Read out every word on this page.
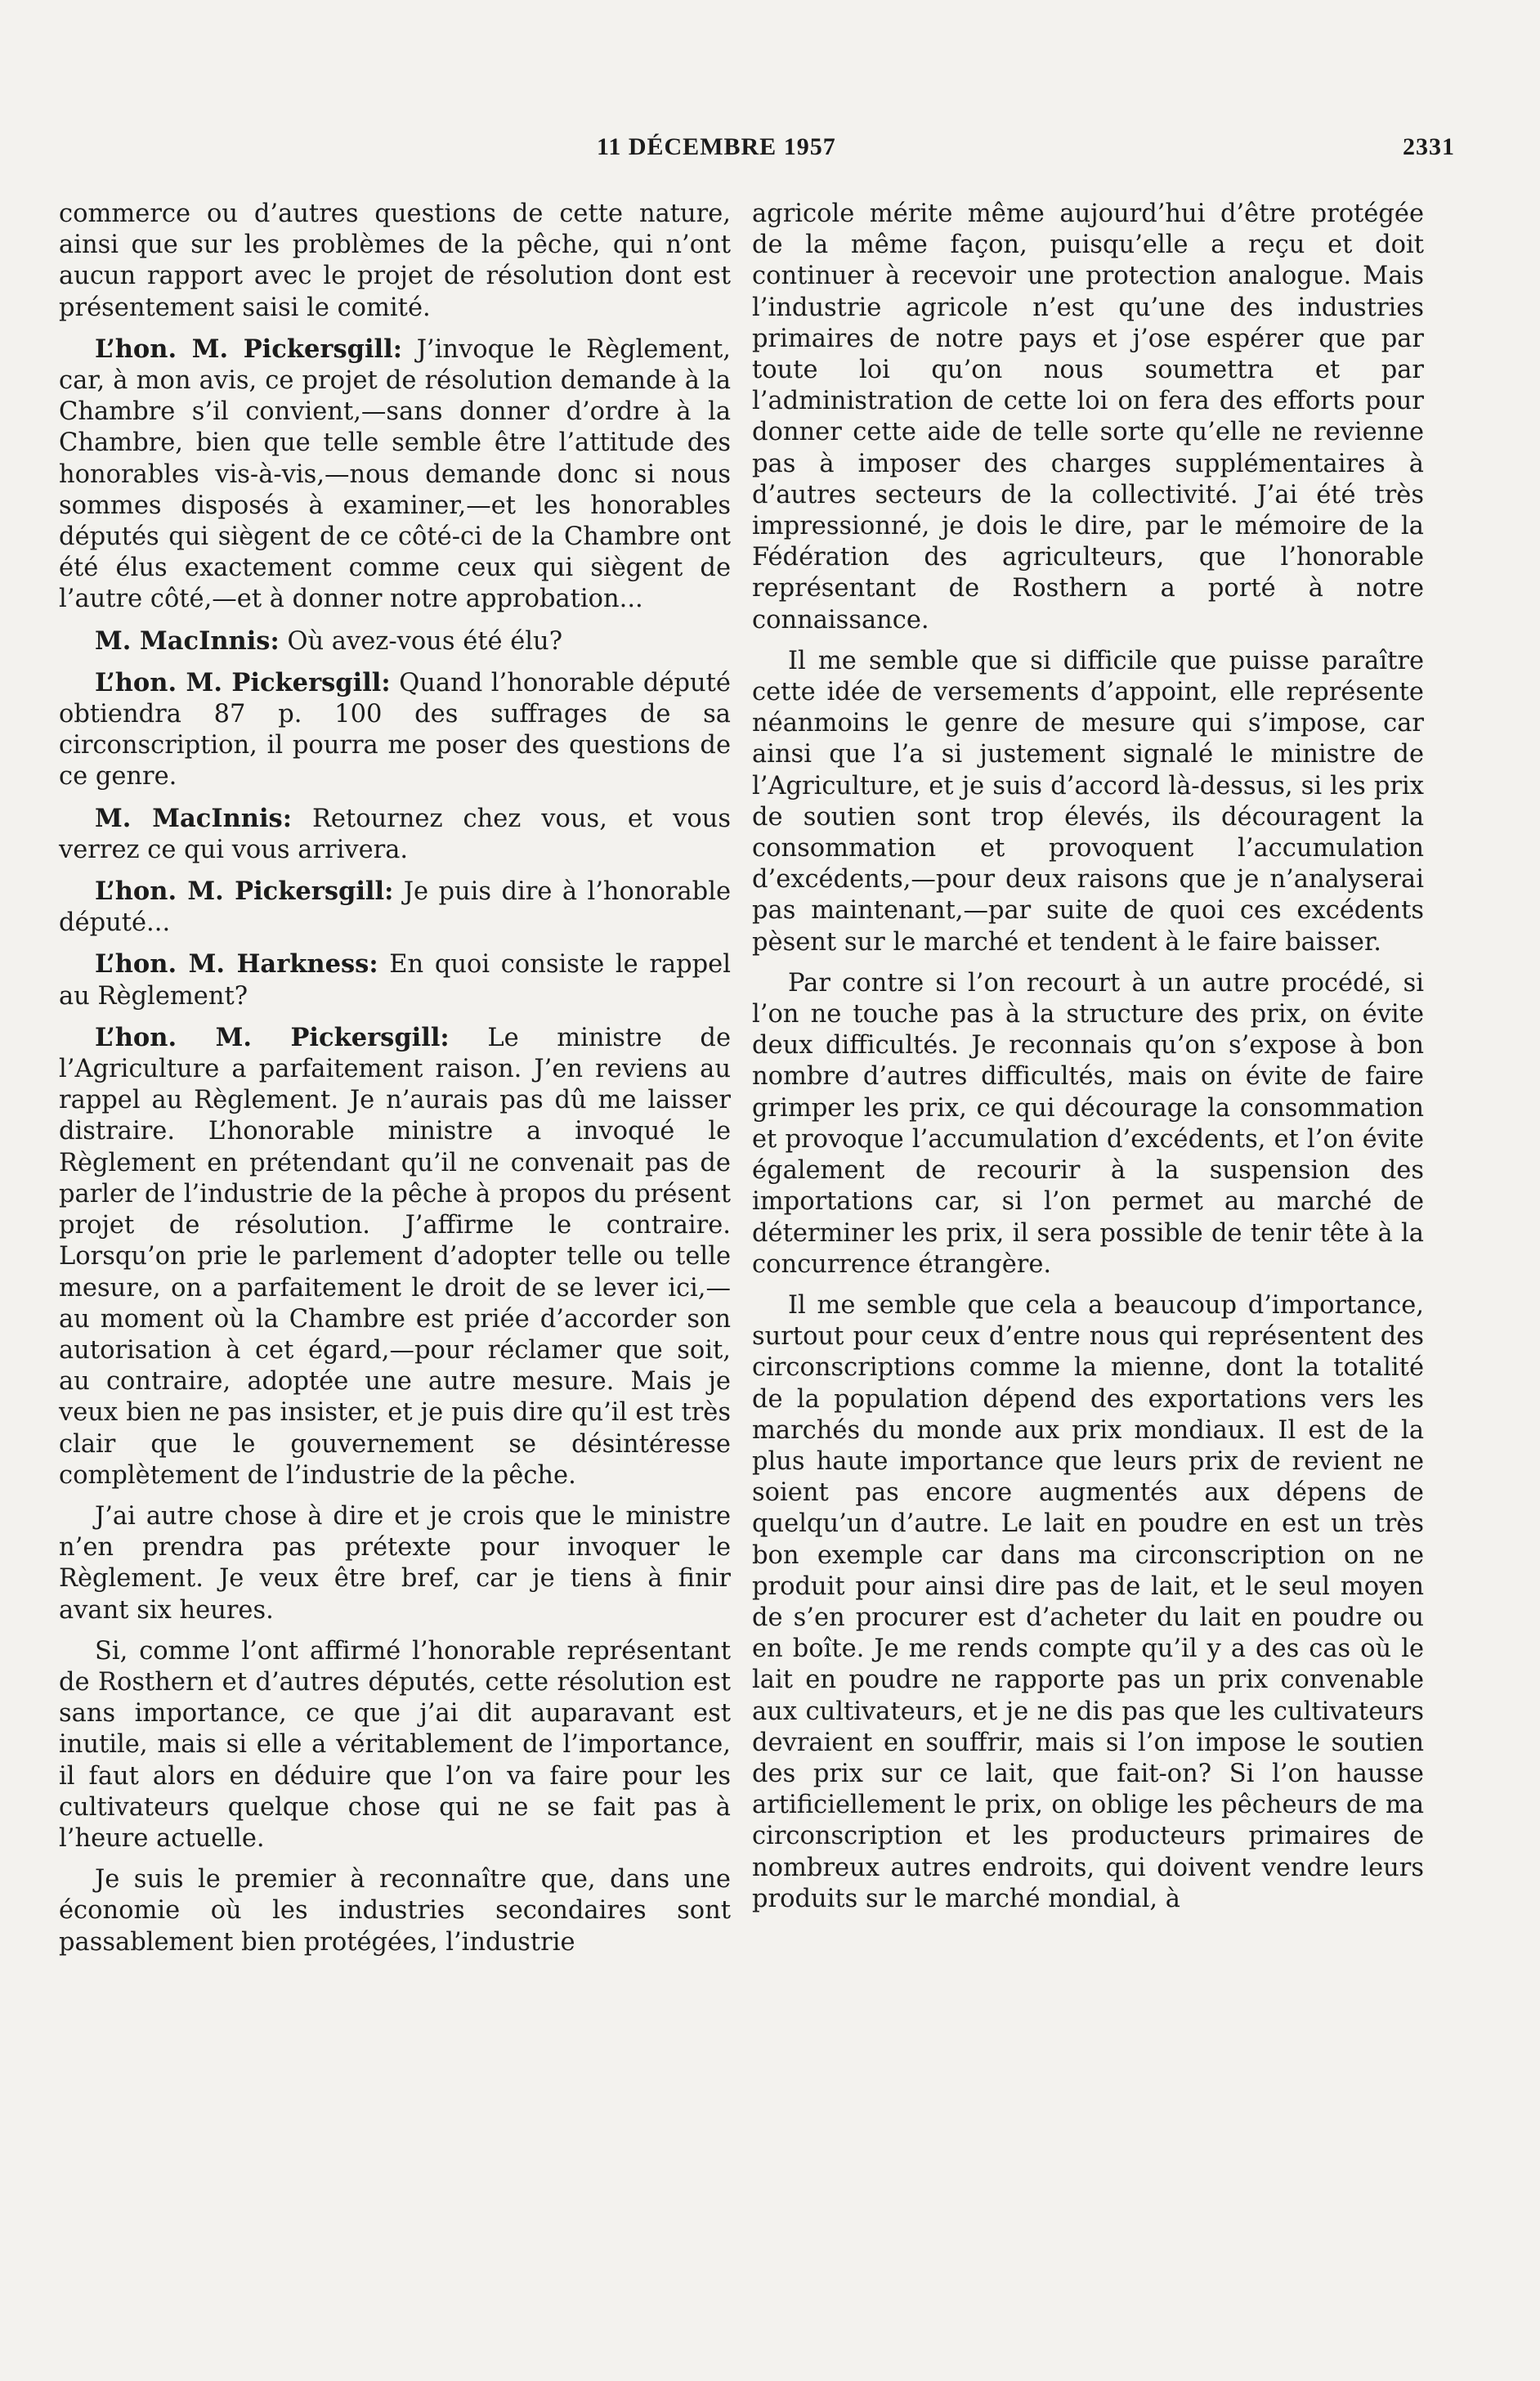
11 DÉCEMBRE 1957	2331

commerce ou d’autres questions de cette nature, ainsi que sur les problèmes de la pêche, qui n’ont aucun rapport avec le projet de résolution dont est présentement saisi le comité.

L’hon. M. Pickersgill: J’invoque le Règlement, car, à mon avis, ce projet de résolution demande à la Chambre s’il convient,—sans donner d’ordre à la Chambre, bien que telle semble être l’attitude des honorables vis-à-vis,—nous demande donc si nous sommes disposés à examiner,—et les honorables députés qui siègent de ce côté-ci de la Chambre ont été élus exactement comme ceux qui siègent de l’autre côté,—et à donner notre approbation...

M. MacInnis: Où avez-vous été élu?

L’hon. M. Pickersgill: Quand l’honorable député obtiendra 87 p. 100 des suffrages de sa circonscription, il pourra me poser des questions de ce genre.

M. MacInnis: Retournez chez vous, et vous verrez ce qui vous arrivera.

L’hon. M. Pickersgill: Je puis dire à l’honorable député...

L’hon. M. Harkness: En quoi consiste le rappel au Règlement?

L’hon. M. Pickersgill: Le ministre de l’Agriculture a parfaitement raison. J’en reviens au rappel au Règlement. Je n’aurais pas dû me laisser distraire. L’honorable ministre a invoqué le Règlement en prétendant qu’il ne convenait pas de parler de l’industrie de la pêche à propos du présent projet de résolution. J’affirme le contraire. Lorsqu’on prie le parlement d’adopter telle ou telle mesure, on a parfaitement le droit de se lever ici,—au moment où la Chambre est priée d’accorder son autorisation à cet égard,—pour réclamer que soit, au contraire, adoptée une autre mesure. Mais je veux bien ne pas insister, et je puis dire qu’il est très clair que le gouvernement se désintéresse complètement de l’industrie de la pêche.

J’ai autre chose à dire et je crois que le ministre n’en prendra pas prétexte pour invoquer le Règlement. Je veux être bref, car je tiens à finir avant six heures.

Si, comme l’ont affirmé l’honorable représentant de Rosthern et d’autres députés, cette résolution est sans importance, ce que j’ai dit auparavant est inutile, mais si elle a véritablement de l’importance, il faut alors en déduire que l’on va faire pour les cultivateurs quelque chose qui ne se fait pas à l’heure actuelle.

Je suis le premier à reconnaître que, dans une économie où les industries secondaires sont passablement bien protégées, l’industrie

agricole mérite même aujourd’hui d’être protégée de la même façon, puisqu’elle a reçu et doit continuer à recevoir une protection analogue. Mais l’industrie agricole n’est qu’une des industries primaires de notre pays et j’ose espérer que par toute loi qu’on nous soumettra et par l’administration de cette loi on fera des efforts pour donner cette aide de telle sorte qu’elle ne revienne pas à imposer des charges supplémentaires à d’autres secteurs de la collectivité. J’ai été très impressionné, je dois le dire, par le mémoire de la Fédération des agriculteurs, que l’honorable représentant de Rosthern a porté à notre connaissance.

Il me semble que si difficile que puisse paraître cette idée de versements d’appoint, elle représente néanmoins le genre de mesure qui s’impose, car ainsi que l’a si justement signalé le ministre de l’Agriculture, et je suis d’accord là-dessus, si les prix de soutien sont trop élevés, ils découragent la consommation et provoquent l’accumulation d’excédents,—pour deux raisons que je n’analyserai pas maintenant,—par suite de quoi ces excédents pèsent sur le marché et tendent à le faire baisser.

Par contre si l’on recourt à un autre procédé, si l’on ne touche pas à la structure des prix, on évite deux difficultés. Je reconnais qu’on s’expose à bon nombre d’autres difficultés, mais on évite de faire grimper les prix, ce qui décourage la consommation et provoque l’accumulation d’excédents, et l’on évite également de recourir à la suspension des importations car, si l’on permet au marché de déterminer les prix, il sera possible de tenir tête à la concurrence étrangère.

Il me semble que cela a beaucoup d’importance, surtout pour ceux d’entre nous qui représentent des circonscriptions comme la mienne, dont la totalité de la population dépend des exportations vers les marchés du monde aux prix mondiaux. Il est de la plus haute importance que leurs prix de revient ne soient pas encore augmentés aux dépens de quelqu’un d’autre. Le lait en poudre en est un très bon exemple car dans ma circonscription on ne produit pour ainsi dire pas de lait, et le seul moyen de s’en procurer est d’acheter du lait en poudre ou en boîte. Je me rends compte qu’il y a des cas où le lait en poudre ne rapporte pas un prix convenable aux cultivateurs, et je ne dis pas que les cultivateurs devraient en souffrir, mais si l’on impose le soutien des prix sur ce lait, que fait-on? Si l’on hausse artificiellement le prix, on oblige les pêcheurs de ma circonscription et les producteurs primaires de nombreux autres endroits, qui doivent vendre leurs produits sur le marché mondial, à
